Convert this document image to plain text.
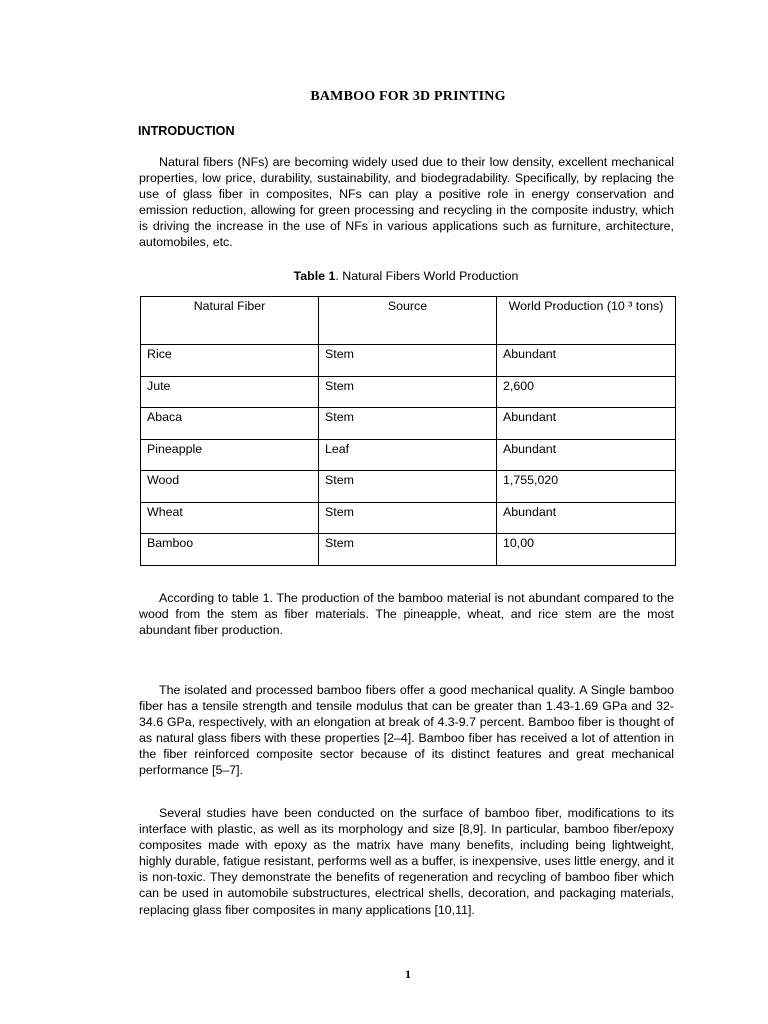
BAMBOO FOR 3D PRINTING
INTRODUCTION

Natural fibers (NFs) are becoming widely used due to their low density, excellent mechanical properties, low price, durability, sustainability, and biodegradability. Specifically, by replacing the use of glass fiber in composites, NFs can play a positive role in energy conservation and emission reduction, allowing for green processing and recycling in the composite industry, which is driving the increase in the use of NFs in various applications such as furniture, architecture, automobiles, etc.

Table 1. Natural Fibers World Production
Natural Fiber	Source	World Production (10 ³ tons)
Rice	Stem	Abundant
Jute	Stem	2,600
Abaca	Stem	Abundant
Pineapple	Leaf	Abundant
Wood	Stem	1,755,020
Wheat	Stem	Abundant
Bamboo	Stem	10,00

According to table 1. The production of the bamboo material is not abundant compared to the wood from the stem as fiber materials. The pineapple, wheat, and rice stem are the most abundant fiber production.

The isolated and processed bamboo fibers offer a good mechanical quality. A Single bamboo fiber has a tensile strength and tensile modulus that can be greater than 1.43-1.69 GPa and 32-34.6 GPa, respectively, with an elongation at break of 4.3-9.7 percent. Bamboo fiber is thought of as natural glass fibers with these properties [2–4]. Bamboo fiber has received a lot of attention in the fiber reinforced composite sector because of its distinct features and great mechanical performance [5–7].

Several studies have been conducted on the surface of bamboo fiber, modifications to its interface with plastic, as well as its morphology and size [8,9]. In particular, bamboo fiber/epoxy composites made with epoxy as the matrix have many benefits, including being lightweight, highly durable, fatigue resistant, performs well as a buffer, is inexpensive, uses little energy, and it is non-toxic. They demonstrate the benefits of regeneration and recycling of bamboo fiber which can be used in automobile substructures, electrical shells, decoration, and packaging materials, replacing glass fiber composites in many applications [10,11].

1
